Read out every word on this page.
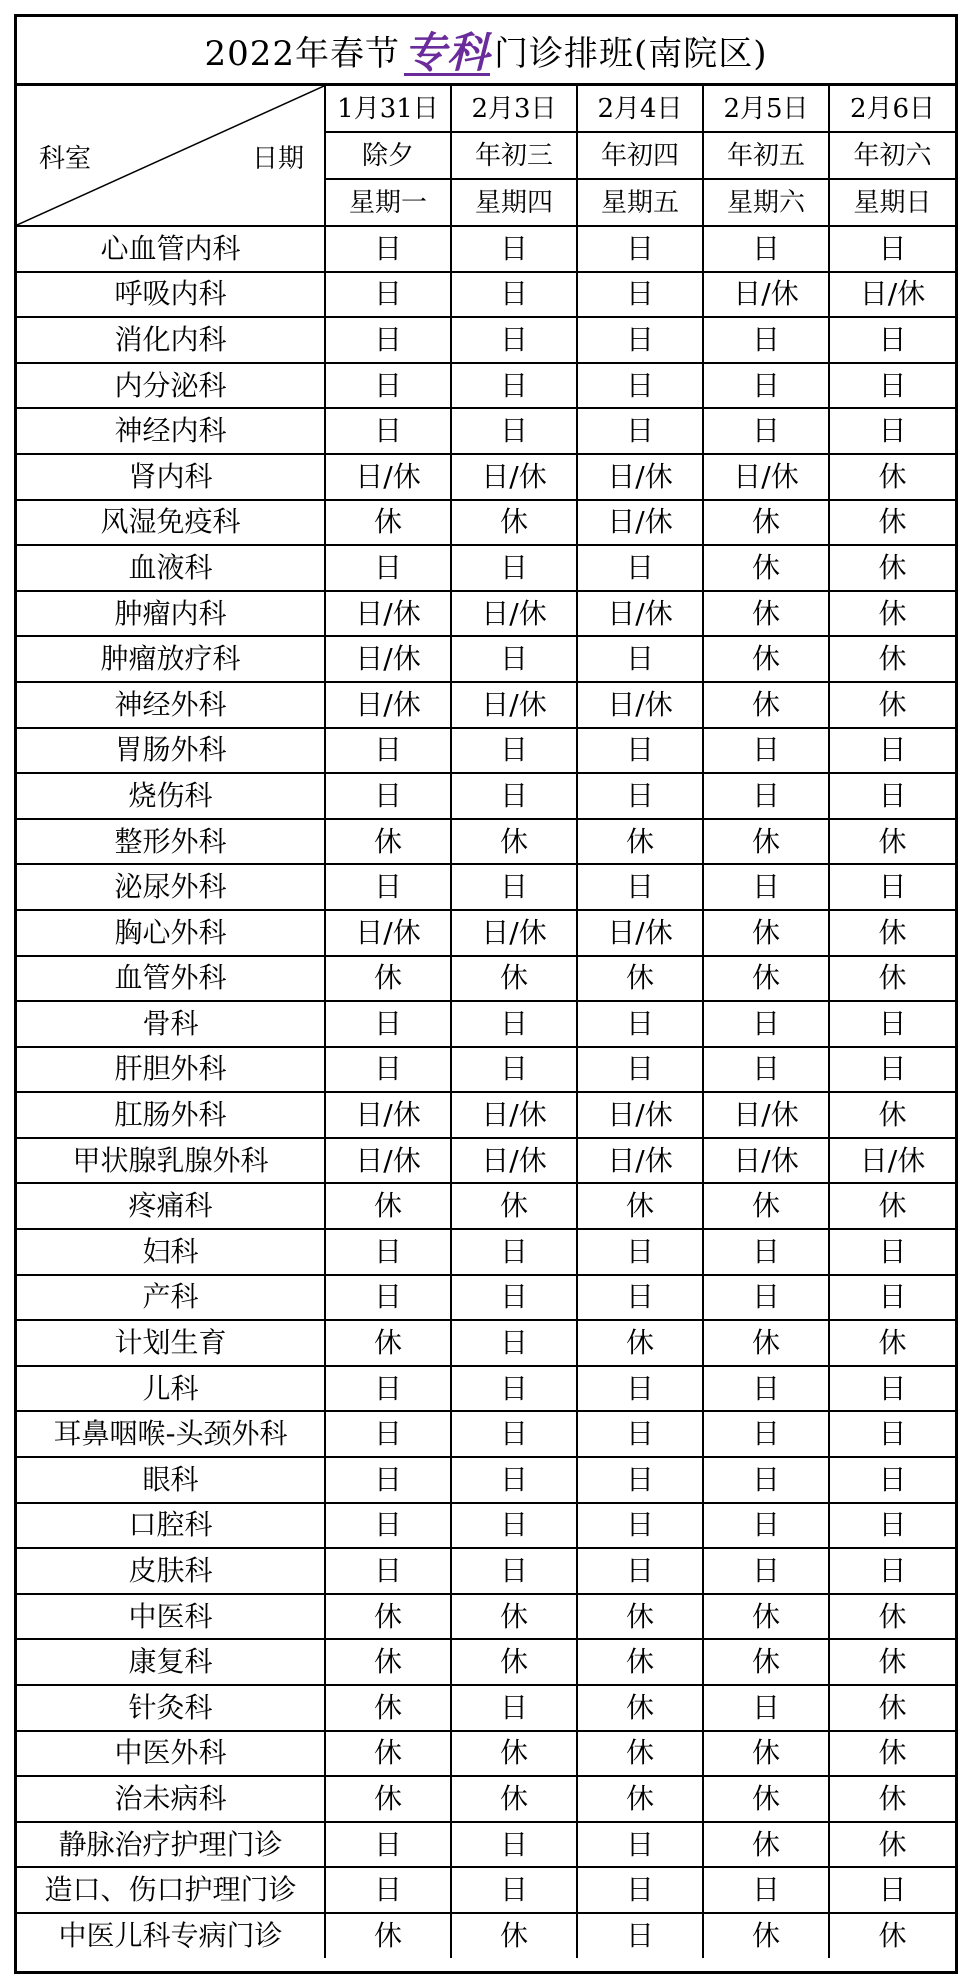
2022年春节 专科 门诊排班(南院区)
科室 日期	1月31日	2月3日	2月4日	2月5日	2月6日
	除夕	年初三	年初四	年初五	年初六
	星期一	星期四	星期五	星期六	星期日
心血管内科	日	日	日	日	日
呼吸内科	日	日	日	日/休	日/休
消化内科	日	日	日	日	日
内分泌科	日	日	日	日	日
神经内科	日	日	日	日	日
肾内科	日/休	日/休	日/休	日/休	休
风湿免疫科	休	休	日/休	休	休
血液科	日	日	日	休	休
肿瘤内科	日/休	日/休	日/休	休	休
肿瘤放疗科	日/休	日	日	休	休
神经外科	日/休	日/休	日/休	休	休
胃肠外科	日	日	日	日	日
烧伤科	日	日	日	日	日
整形外科	休	休	休	休	休
泌尿外科	日	日	日	日	日
胸心外科	日/休	日/休	日/休	休	休
血管外科	休	休	休	休	休
骨科	日	日	日	日	日
肝胆外科	日	日	日	日	日
肛肠外科	日/休	日/休	日/休	日/休	休
甲状腺乳腺外科	日/休	日/休	日/休	日/休	日/休
疼痛科	休	休	休	休	休
妇科	日	日	日	日	日
产科	日	日	日	日	日
计划生育	休	日	休	休	休
儿科	日	日	日	日	日
耳鼻咽喉-头颈外科	日	日	日	日	日
眼科	日	日	日	日	日
口腔科	日	日	日	日	日
皮肤科	日	日	日	日	日
中医科	休	休	休	休	休
康复科	休	休	休	休	休
针灸科	休	日	休	日	休
中医外科	休	休	休	休	休
治未病科	休	休	休	休	休
静脉治疗护理门诊	日	日	日	休	休
造口、伤口护理门诊	日	日	日	日	日
中医儿科专病门诊	休	休	日	休	休
